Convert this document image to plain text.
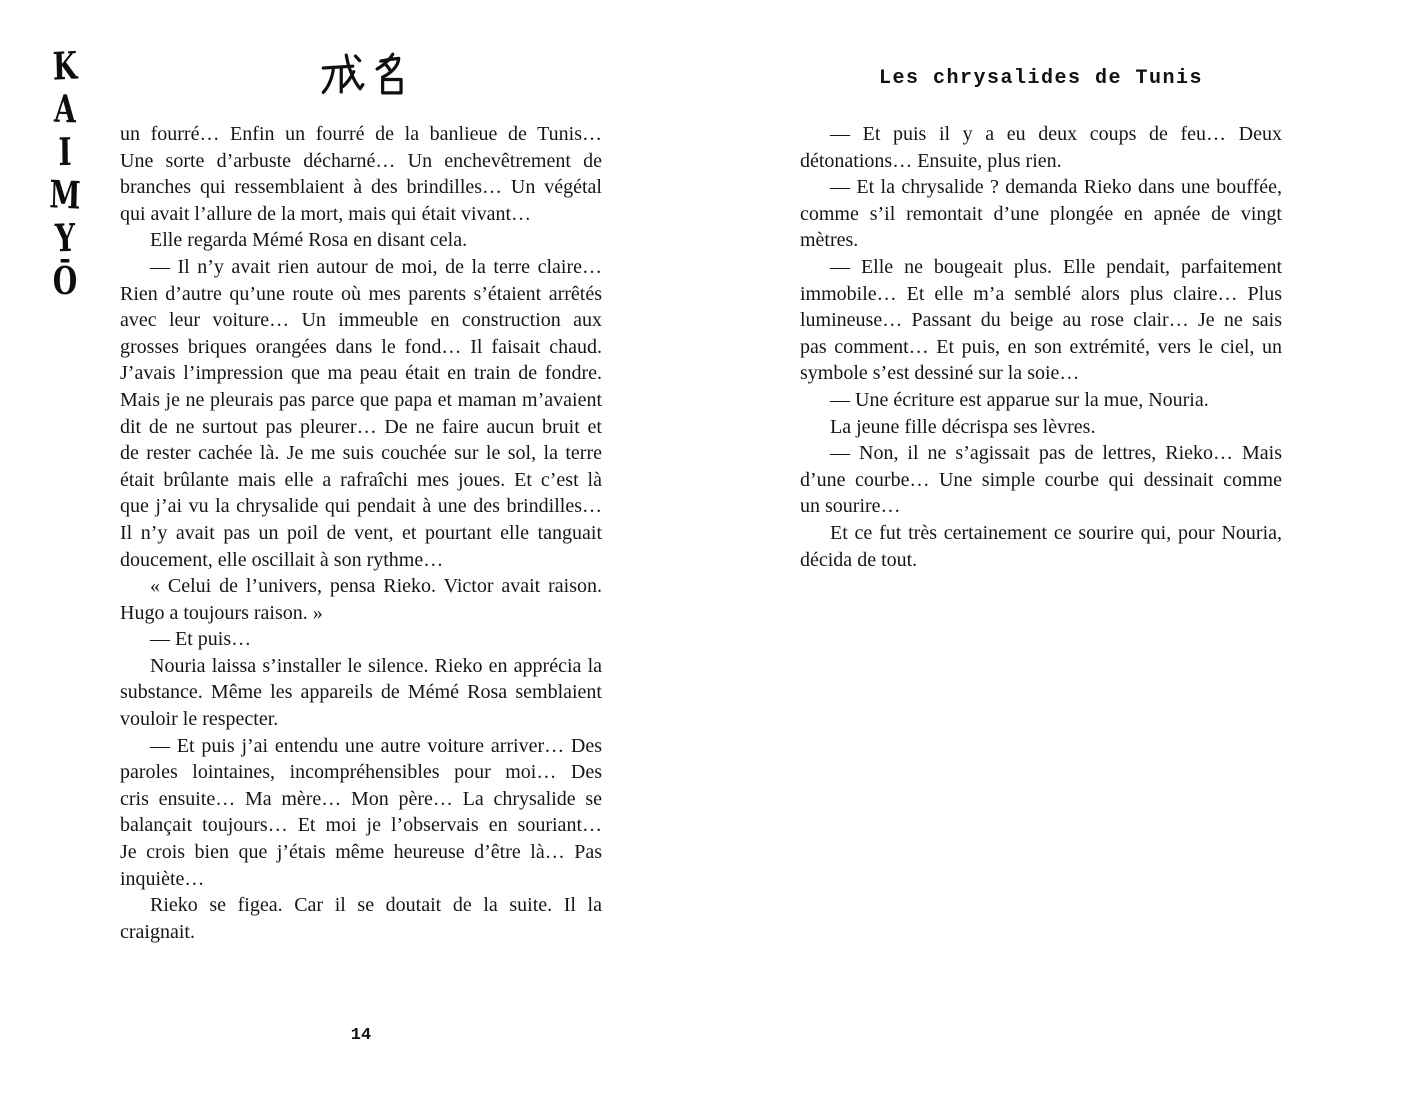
K
A
I
M
Y
Ō
Les chrysalides de Tunis
un fourré… Enfin un fourré de la banlieue de Tunis…
Une sorte d’arbuste décharné… Un enchevêtrement de
branches qui ressemblaient à des brindilles… Un végétal
qui avait l’allure de la mort, mais qui était vivant…
Elle regarda Mémé Rosa en disant cela.
— Il n’y avait rien autour de moi, de la terre claire…
Rien d’autre qu’une route où mes parents s’étaient arrêtés
avec leur voiture… Un immeuble en construction aux
grosses briques orangées dans le fond… Il faisait chaud.
J’avais l’impression que ma peau était en train de fondre.
Mais je ne pleurais pas parce que papa et maman m’avaient
dit de ne surtout pas pleurer… De ne faire aucun bruit et
de rester cachée là. Je me suis couchée sur le sol, la terre
était brûlante mais elle a rafraîchi mes joues. Et c’est là
que j’ai vu la chrysalide qui pendait à une des brindilles…
Il n’y avait pas un poil de vent, et pourtant elle tanguait
doucement, elle oscillait à son rythme…
« Celui de l’univers, pensa Rieko. Victor avait raison.
Hugo a toujours raison. »
— Et puis…
Nouria laissa s’installer le silence. Rieko en apprécia la
substance. Même les appareils de Mémé Rosa semblaient
vouloir le respecter.
— Et puis j’ai entendu une autre voiture arriver… Des
paroles lointaines, incompréhensibles pour moi… Des
cris ensuite… Ma mère… Mon père… La chrysalide se
balançait toujours… Et moi je l’observais en souriant…
Je crois bien que j’étais même heureuse d’être là… Pas
inquiète…
Rieko se figea. Car il se doutait de la suite. Il la
craignait.
— Et puis il y a eu deux coups de feu… Deux
détonations… Ensuite, plus rien.
— Et la chrysalide ? demanda Rieko dans une bouffée,
comme s’il remontait d’une plongée en apnée de vingt
mètres.
— Elle ne bougeait plus. Elle pendait, parfaitement
immobile… Et elle m’a semblé alors plus claire… Plus
lumineuse… Passant du beige au rose clair… Je ne sais
pas comment… Et puis, en son extrémité, vers le ciel, un
symbole s’est dessiné sur la soie…
— Une écriture est apparue sur la mue, Nouria.
La jeune fille décrispa ses lèvres.
— Non, il ne s’agissait pas de lettres, Rieko… Mais
d’une courbe… Une simple courbe qui dessinait comme
un sourire…
Et ce fut très certainement ce sourire qui, pour Nouria,
décida de tout.
14
